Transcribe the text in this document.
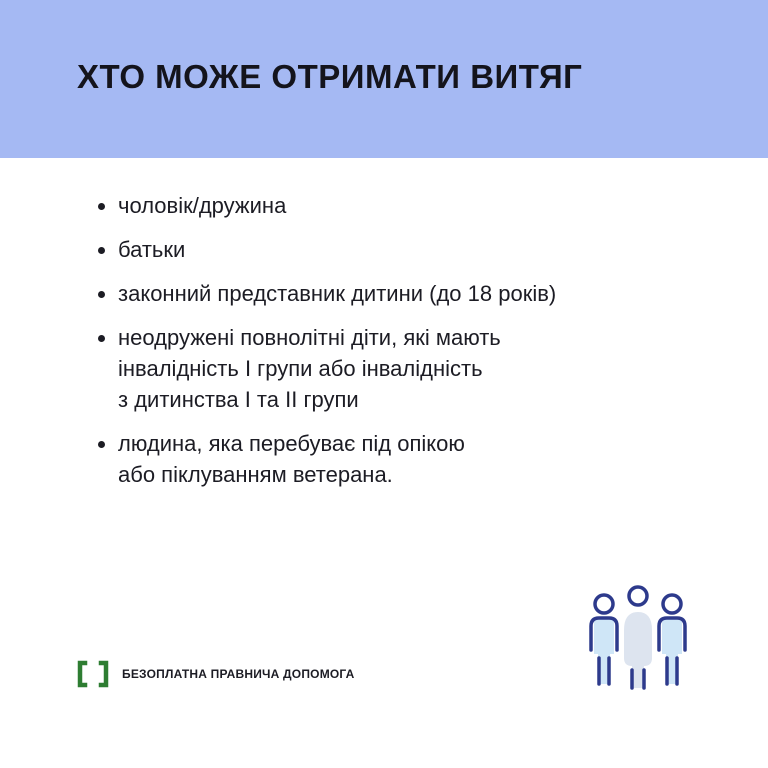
ХТО МОЖЕ ОТРИМАТИ ВИТЯГ
чоловік/дружина
батьки
законний представник дитини (до 18 років)
неодружені повнолітні діти, які мають
інвалідність І групи або інвалідність
з дитинства І та ІІ групи
людина, яка перебуває під опікою
або піклуванням ветерана.
БЕЗОПЛАТНА ПРАВНИЧА ДОПОМОГА
